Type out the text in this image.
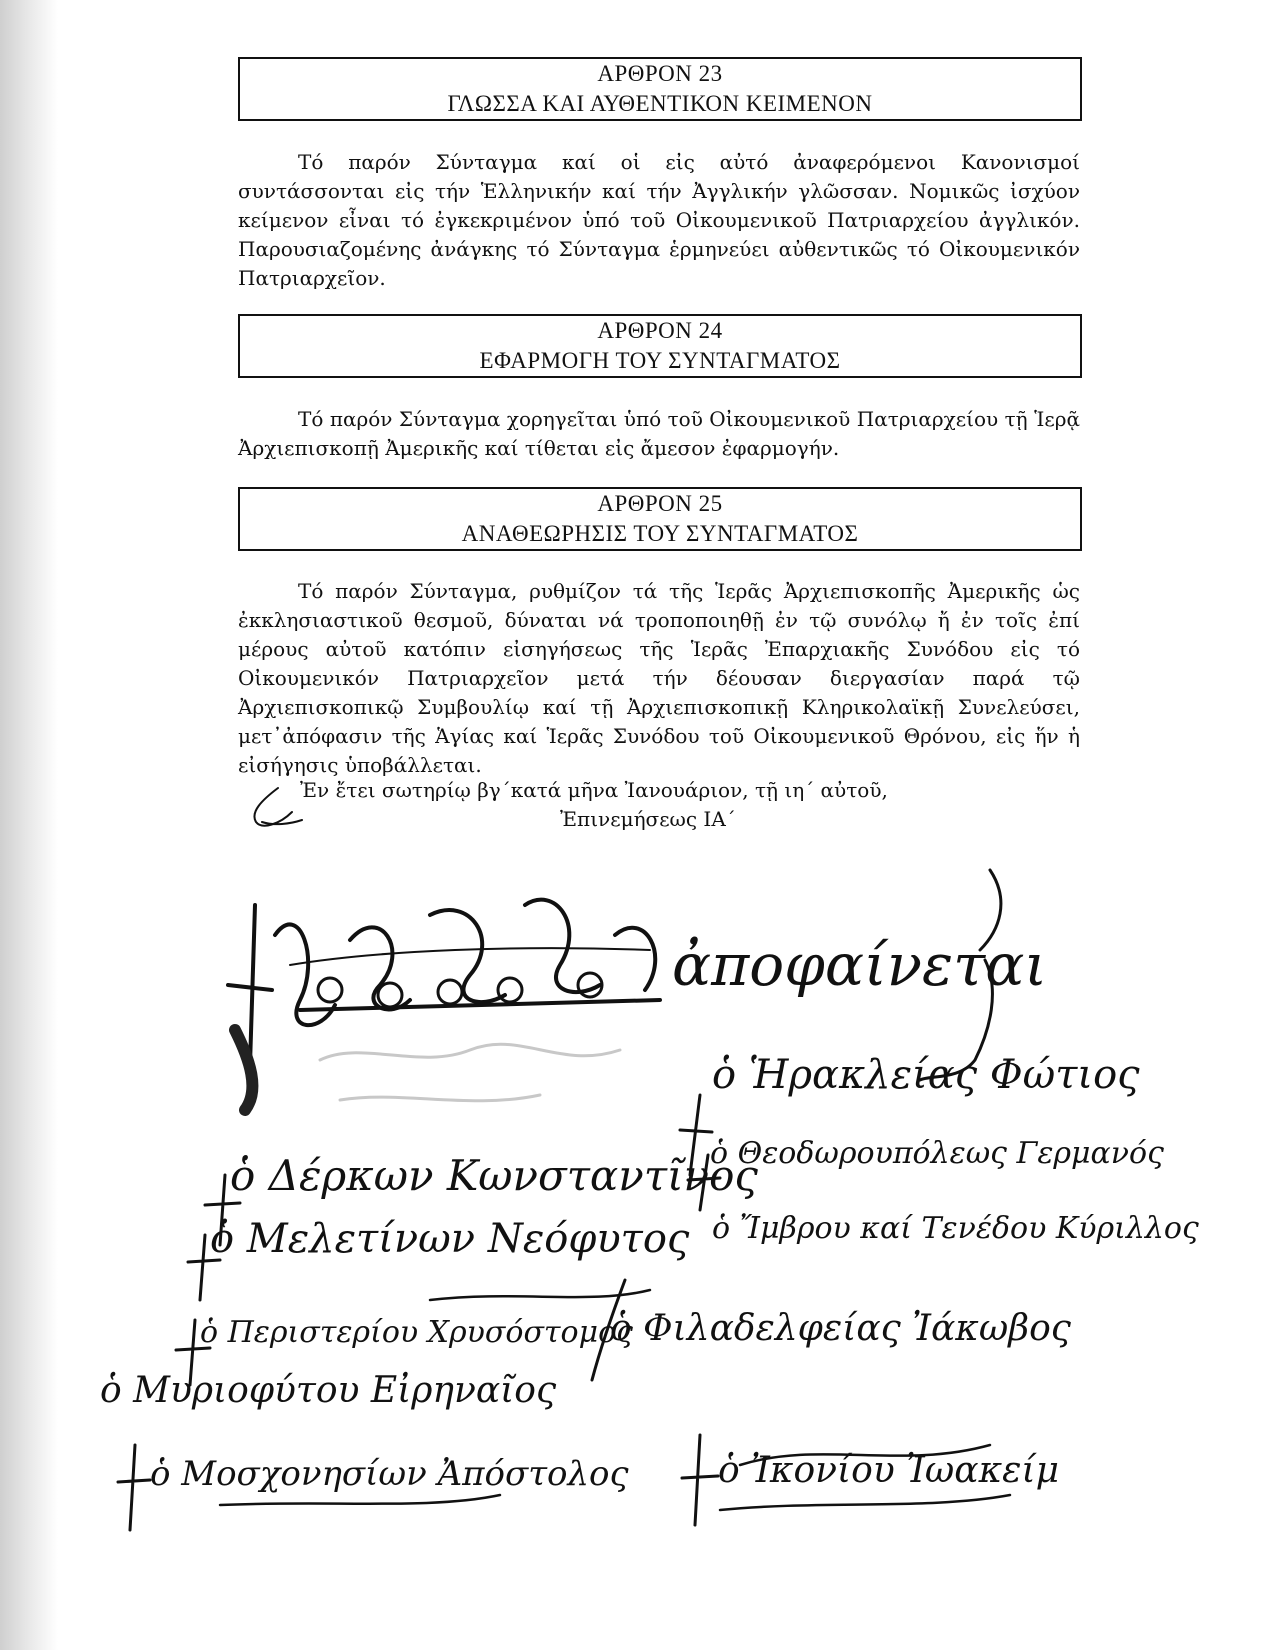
ΑΡΘΡΟΝ 23
ΓΛΩΣΣΑ ΚΑΙ ΑΥΘΕΝΤΙΚΟΝ ΚΕΙΜΕΝΟΝ
Τό παρόν Σύνταγμα καί οἱ εἰς αὐτό ἀναφερόμενοι Κανονισμοί συντάσσονται εἰς τήν Ἑλληνικήν καί τήν Ἀγγλικήν γλῶσσαν. Νομικῶς ἰσχύον κείμενον εἶναι τό ἐγκεκριμένον ὑπό τοῦ Οἰκουμενικοῦ Πατριαρχείου ἀγγλικόν. Παρουσιαζομένης ἀνάγκης τό Σύνταγμα ἑρμηνεύει αὐθεντικῶς τό Οἰκουμενικόν Πατριαρχεῖον.
ΑΡΘΡΟΝ 24
ΕΦΑΡΜΟΓΗ ΤΟΥ ΣΥΝΤΑΓΜΑΤΟΣ
Τό παρόν Σύνταγμα χορηγεῖται ὑπό τοῦ Οἰκουμενικοῦ Πατριαρχείου τῇ Ἱερᾷ Ἀρχιεπισκοπῇ Ἀμερικῆς καί τίθεται εἰς ἄμεσον ἐφαρμογήν.
ΑΡΘΡΟΝ 25
ΑΝΑΘΕΩΡΗΣΙΣ ΤΟΥ ΣΥΝΤΑΓΜΑΤΟΣ
Τό παρόν Σύνταγμα, ρυθμίζον τά τῆς Ἱερᾶς Ἀρχιεπισκοπῆς Ἀμερικῆς ὡς ἐκκλησιαστικοῦ θεσμοῦ, δύναται νά τροποποιηθῇ ἐν τῷ συνόλῳ ἤ ἐν τοῖς ἐπί μέρους αὐτοῦ κατόπιν εἰσηγήσεως τῆς Ἱερᾶς Ἐπαρχιακῆς Συνόδου εἰς τό Οἰκουμενικόν Πατριαρχεῖον μετά τήν δέουσαν διεργασίαν παρά τῷ Ἀρχιεπισκοπικῷ Συμβουλίῳ καί τῇ Ἀρχιεπισκοπικῇ Κληρικολαϊκῇ Συνελεύσει, μετ᾽ἀπόφασιν τῆς Ἁγίας καί Ἱερᾶς Συνόδου τοῦ Οἰκουμενικοῦ Θρόνου, εἰς ἥν ἡ εἰσήγησις ὑποβάλλεται.
Ἐν ἔτει σωτηρίῳ βγ΄κατά μῆνα Ἰανουάριον, τῇ ιη΄ αὐτοῦ,
Ἐπινεμήσεως ΙΑ΄
ἀποφαίνεται
ὁ Ἡρακλείας Φώτιος
ὁ Θεοδωρουπόλεως Γερμανός
ὁ Δέρκων Κωνσταντῖνος
ὁ Ἴμβρου καί Τενέδου Κύριλλος
ὁ Μελετίνων Νεόφυτος
ὁ Φιλαδελφείας Ἰάκωβος
ὁ Περιστερίου Χρυσόστομος
ὁ Μυριοφύτου Εἰρηναῖος
ὁ Μοσχονησίων Ἀπόστολος ὁ Ἰκονίου Ἰωακείμ
